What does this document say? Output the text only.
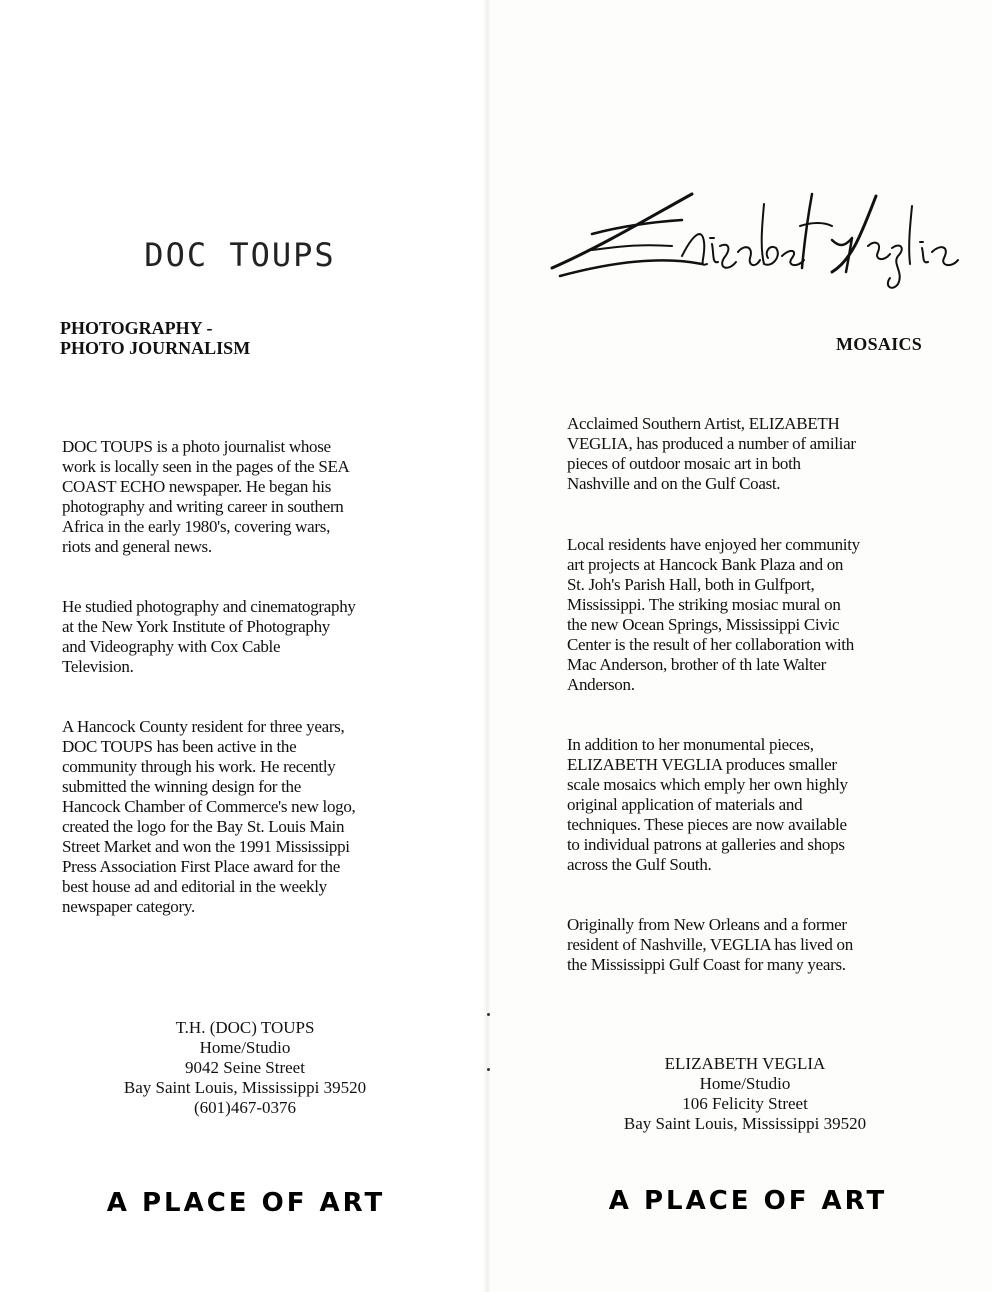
DOC TOUPS

PHOTOGRAPHY -
PHOTO JOURNALISM

DOC TOUPS is a photo journalist whose
work is locally seen in the pages of the SEA
COAST ECHO newspaper. He began his
photography and writing career in southern
Africa in the early 1980's, covering wars,
riots and general news.

He studied photography and cinematography
at the New York Institute of Photography
and Videography with Cox Cable
Television.

A Hancock County resident for three years,
DOC TOUPS has been active in the
community through his work. He recently
submitted the winning design for the
Hancock Chamber of Commerce's new logo,
created the logo for the Bay St. Louis Main
Street Market and won the 1991 Mississippi
Press Association First Place award for the
best house ad and editorial in the weekly
newspaper category.

T.H. (DOC) TOUPS
Home/Studio
9042 Seine Street
Bay Saint Louis, Mississippi 39520
(601)467-0376

A PLACE OF ART

MOSAICS

Acclaimed Southern Artist, ELIZABETH
VEGLIA, has produced a number of amiliar
pieces of outdoor mosaic art in both
Nashville and on the Gulf Coast.

Local residents have enjoyed her community
art projects at Hancock Bank Plaza and on
St. Joh's Parish Hall, both in Gulfport,
Mississippi. The striking mosiac mural on
the new Ocean Springs, Mississippi Civic
Center is the result of her collaboration with
Mac Anderson, brother of th late Walter
Anderson.

In addition to her monumental pieces,
ELIZABETH VEGLIA produces smaller
scale mosaics which emply her own highly
original application of materials and
techniques. These pieces are now available
to individual patrons at galleries and shops
across the Gulf South.

Originally from New Orleans and a former
resident of Nashville, VEGLIA has lived on
the Mississippi Gulf Coast for many years.

ELIZABETH VEGLIA
Home/Studio
106 Felicity Street
Bay Saint Louis, Mississippi 39520

A PLACE OF ART
